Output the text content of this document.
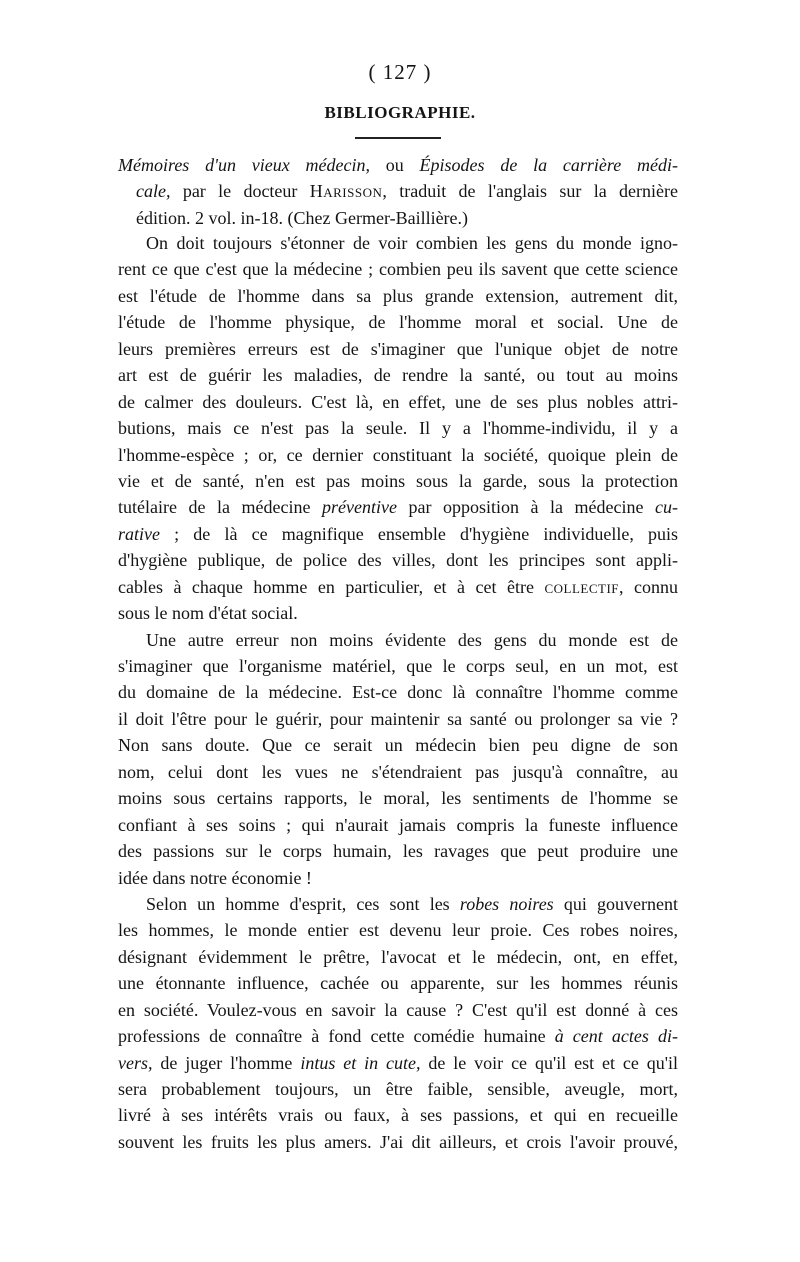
( 127 )
BIBLIOGRAPHIE.
Mémoires d'un vieux médecin, ou Épisodes de la carrière médi-
cale, par le docteur Harisson, traduit de l'anglais sur la dernière
édition. 2 vol. in-18. (Chez Germer-Baillière.)
On doit toujours s'étonner de voir combien les gens du monde igno-
rent ce que c'est que la médecine ; combien peu ils savent que cette science
est l'étude de l'homme dans sa plus grande extension, autrement dit,
l'étude de l'homme physique, de l'homme moral et social. Une de
leurs premières erreurs est de s'imaginer que l'unique objet de notre
art est de guérir les maladies, de rendre la santé, ou tout au moins
de calmer des douleurs. C'est là, en effet, une de ses plus nobles attri-
butions, mais ce n'est pas la seule. Il y a l'homme-individu, il y a
l'homme-espèce ; or, ce dernier constituant la société, quoique plein de
vie et de santé, n'en est pas moins sous la garde, sous la protection
tutélaire de la médecine préventive par opposition à la médecine cu-
rative ; de là ce magnifique ensemble d'hygiène individuelle, puis
d'hygiène publique, de police des villes, dont les principes sont appli-
cables à chaque homme en particulier, et à cet être collectif, connu
sous le nom d'état social.
Une autre erreur non moins évidente des gens du monde est de
s'imaginer que l'organisme matériel, que le corps seul, en un mot, est
du domaine de la médecine. Est-ce donc là connaître l'homme comme
il doit l'être pour le guérir, pour maintenir sa santé ou prolonger sa vie ?
Non sans doute. Que ce serait un médecin bien peu digne de son
nom, celui dont les vues ne s'étendraient pas jusqu'à connaître, au
moins sous certains rapports, le moral, les sentiments de l'homme se
confiant à ses soins ; qui n'aurait jamais compris la funeste influence
des passions sur le corps humain, les ravages que peut produire une
idée dans notre économie !
Selon un homme d'esprit, ces sont les robes noires qui gouvernent
les hommes, le monde entier est devenu leur proie. Ces robes noires,
désignant évidemment le prêtre, l'avocat et le médecin, ont, en effet,
une étonnante influence, cachée ou apparente, sur les hommes réunis
en société. Voulez-vous en savoir la cause ? C'est qu'il est donné à ces
professions de connaître à fond cette comédie humaine à cent actes di-
vers, de juger l'homme intus et in cute, de le voir ce qu'il est et ce qu'il
sera probablement toujours, un être faible, sensible, aveugle, mort,
livré à ses intérêts vrais ou faux, à ses passions, et qui en recueille
souvent les fruits les plus amers. J'ai dit ailleurs, et crois l'avoir prouvé,
